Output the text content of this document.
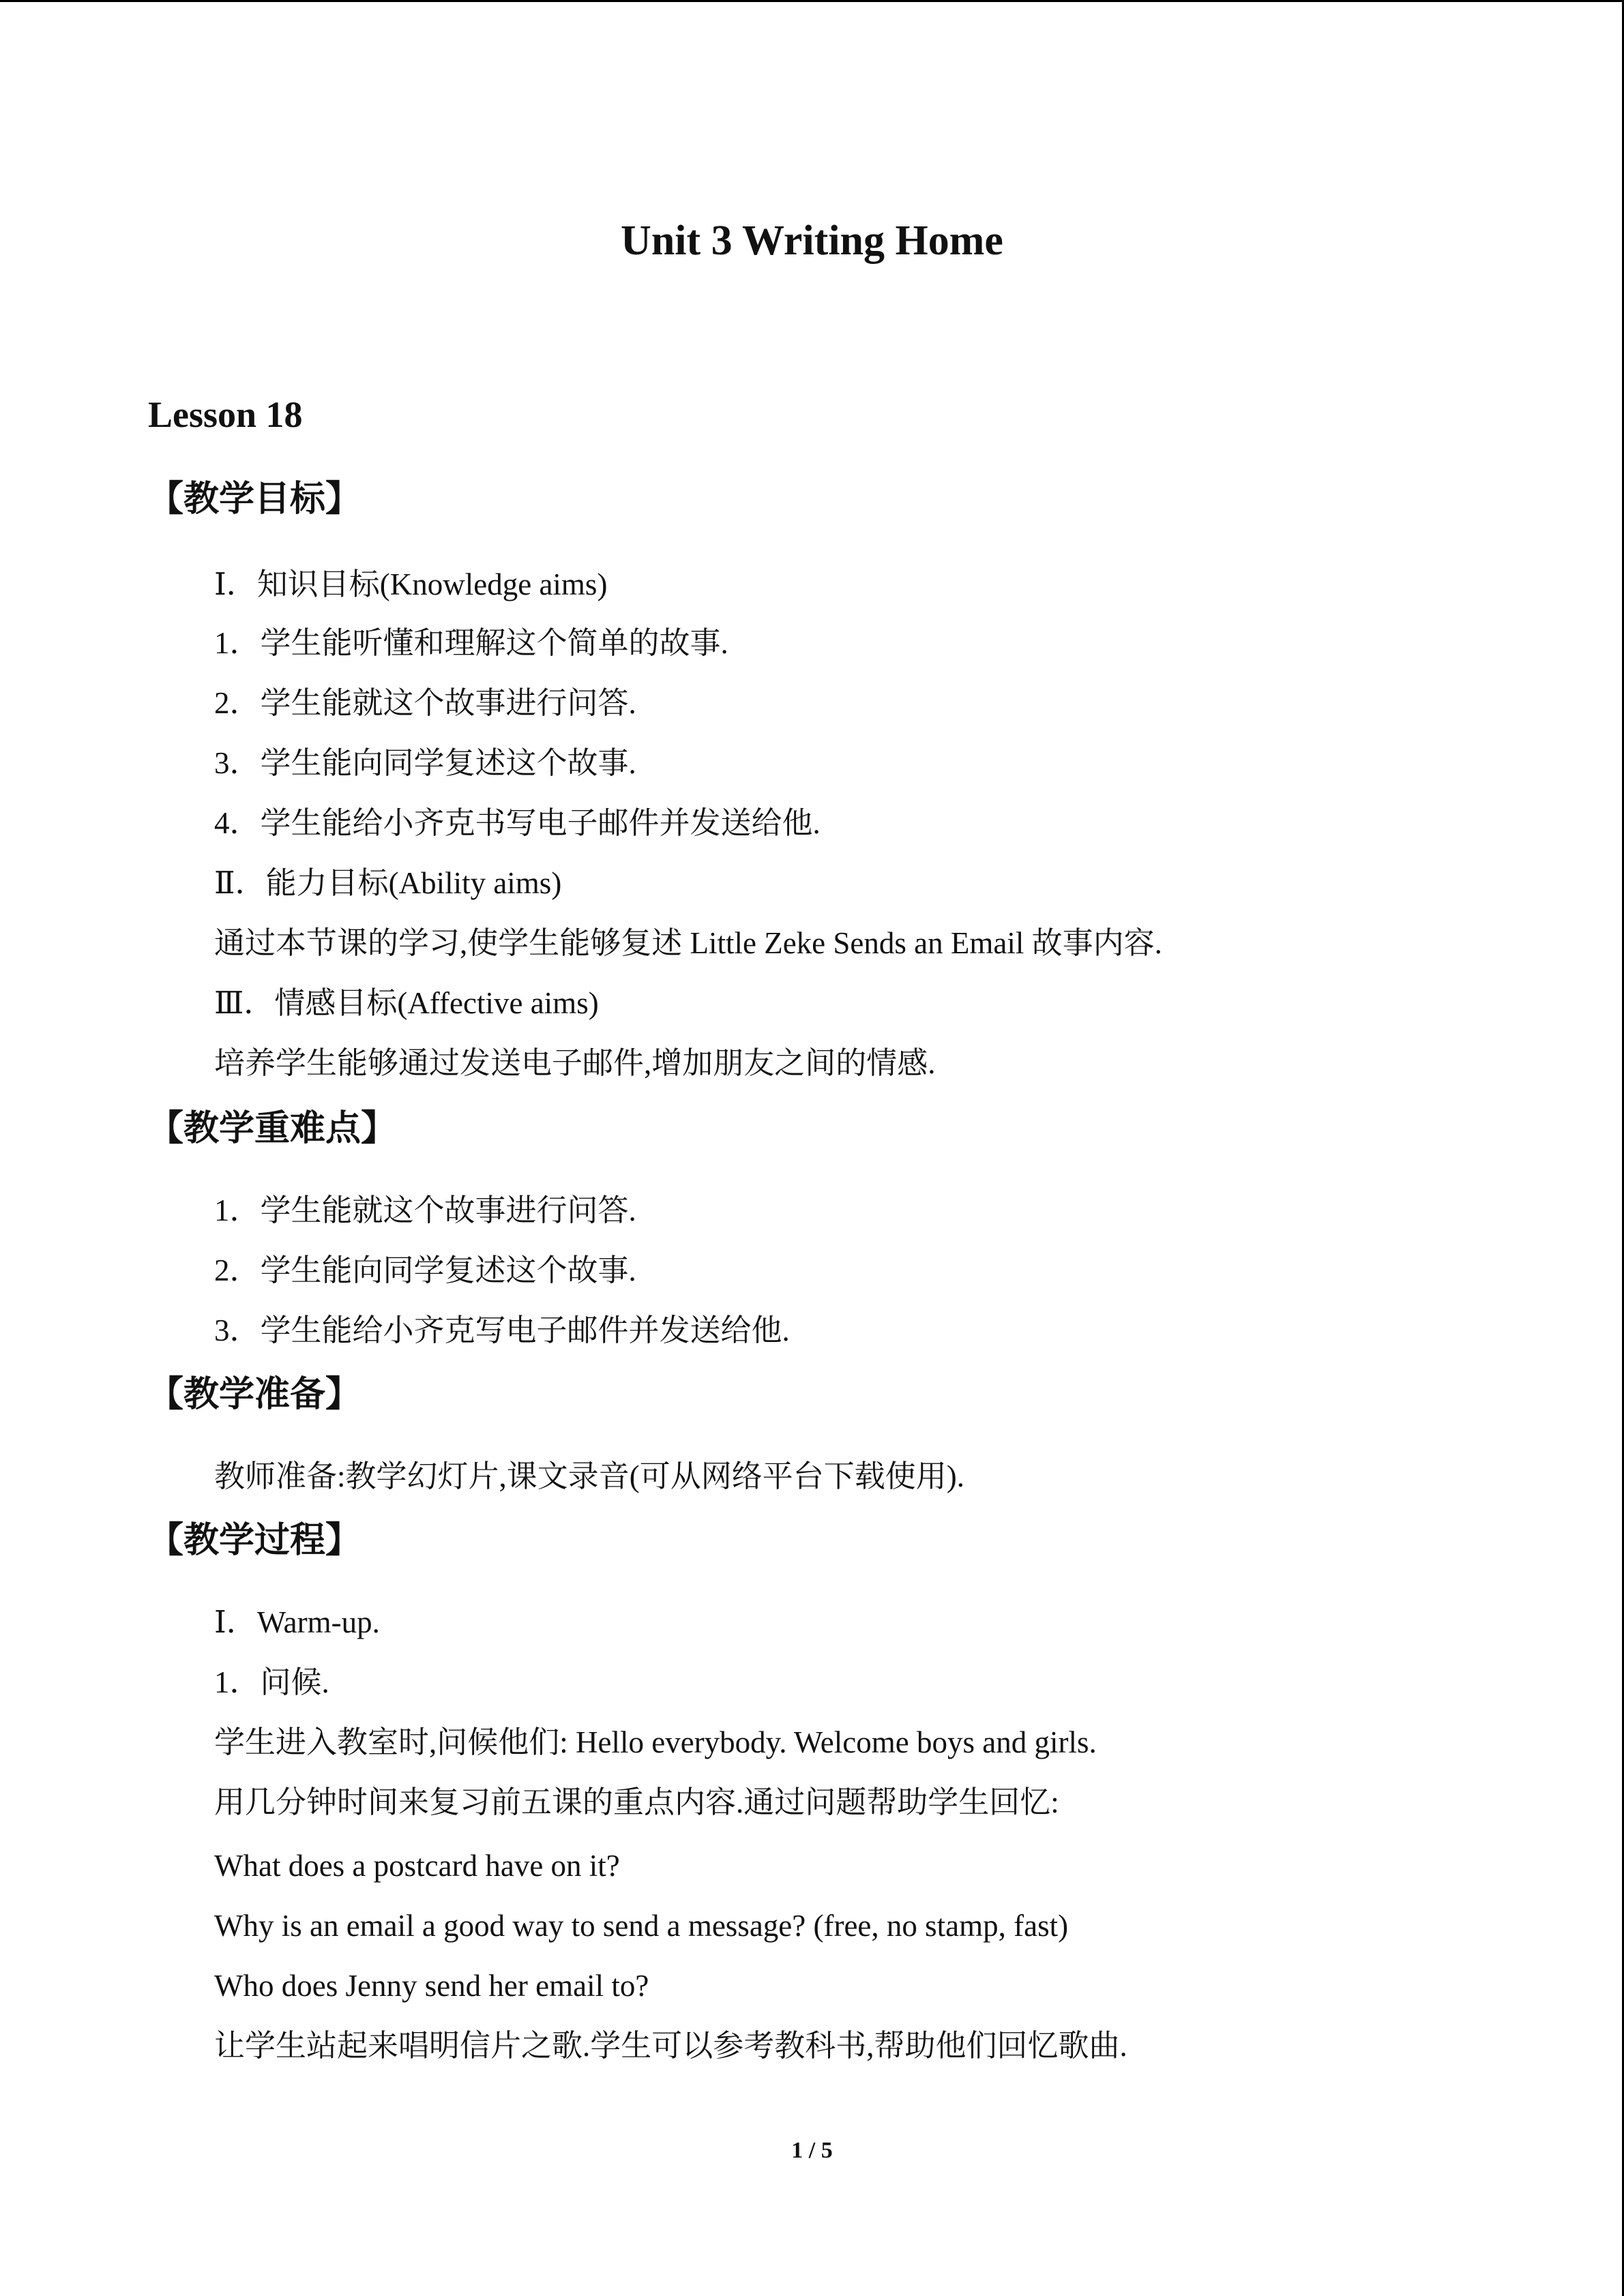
Unit 3 Writing Home
Lesson 18
【教学目标】
Ⅰ．知识目标(Knowledge aims)
1．学生能听懂和理解这个简单的故事.
2．学生能就这个故事进行问答.
3．学生能向同学复述这个故事.
4．学生能给小齐克书写电子邮件并发送给他.
Ⅱ．能力目标(Ability aims)
通过本节课的学习,使学生能够复述 Little Zeke Sends an Email 故事内容.
Ⅲ．情感目标(Affective aims)
培养学生能够通过发送电子邮件,增加朋友之间的情感.
【教学重难点】
1．学生能就这个故事进行问答.
2．学生能向同学复述这个故事.
3．学生能给小齐克写电子邮件并发送给他.
【教学准备】
教师准备:教学幻灯片,课文录音(可从网络平台下载使用).
【教学过程】
Ⅰ．Warm-up.
1．问候.
学生进入教室时,问候他们: Hello everybody. Welcome boys and girls.
用几分钟时间来复习前五课的重点内容.通过问题帮助学生回忆:
What does a postcard have on it?
Why is an email a good way to send a message? (free, no stamp, fast)
Who does Jenny send her email to?
让学生站起来唱明信片之歌.学生可以参考教科书,帮助他们回忆歌曲.
1 / 5
